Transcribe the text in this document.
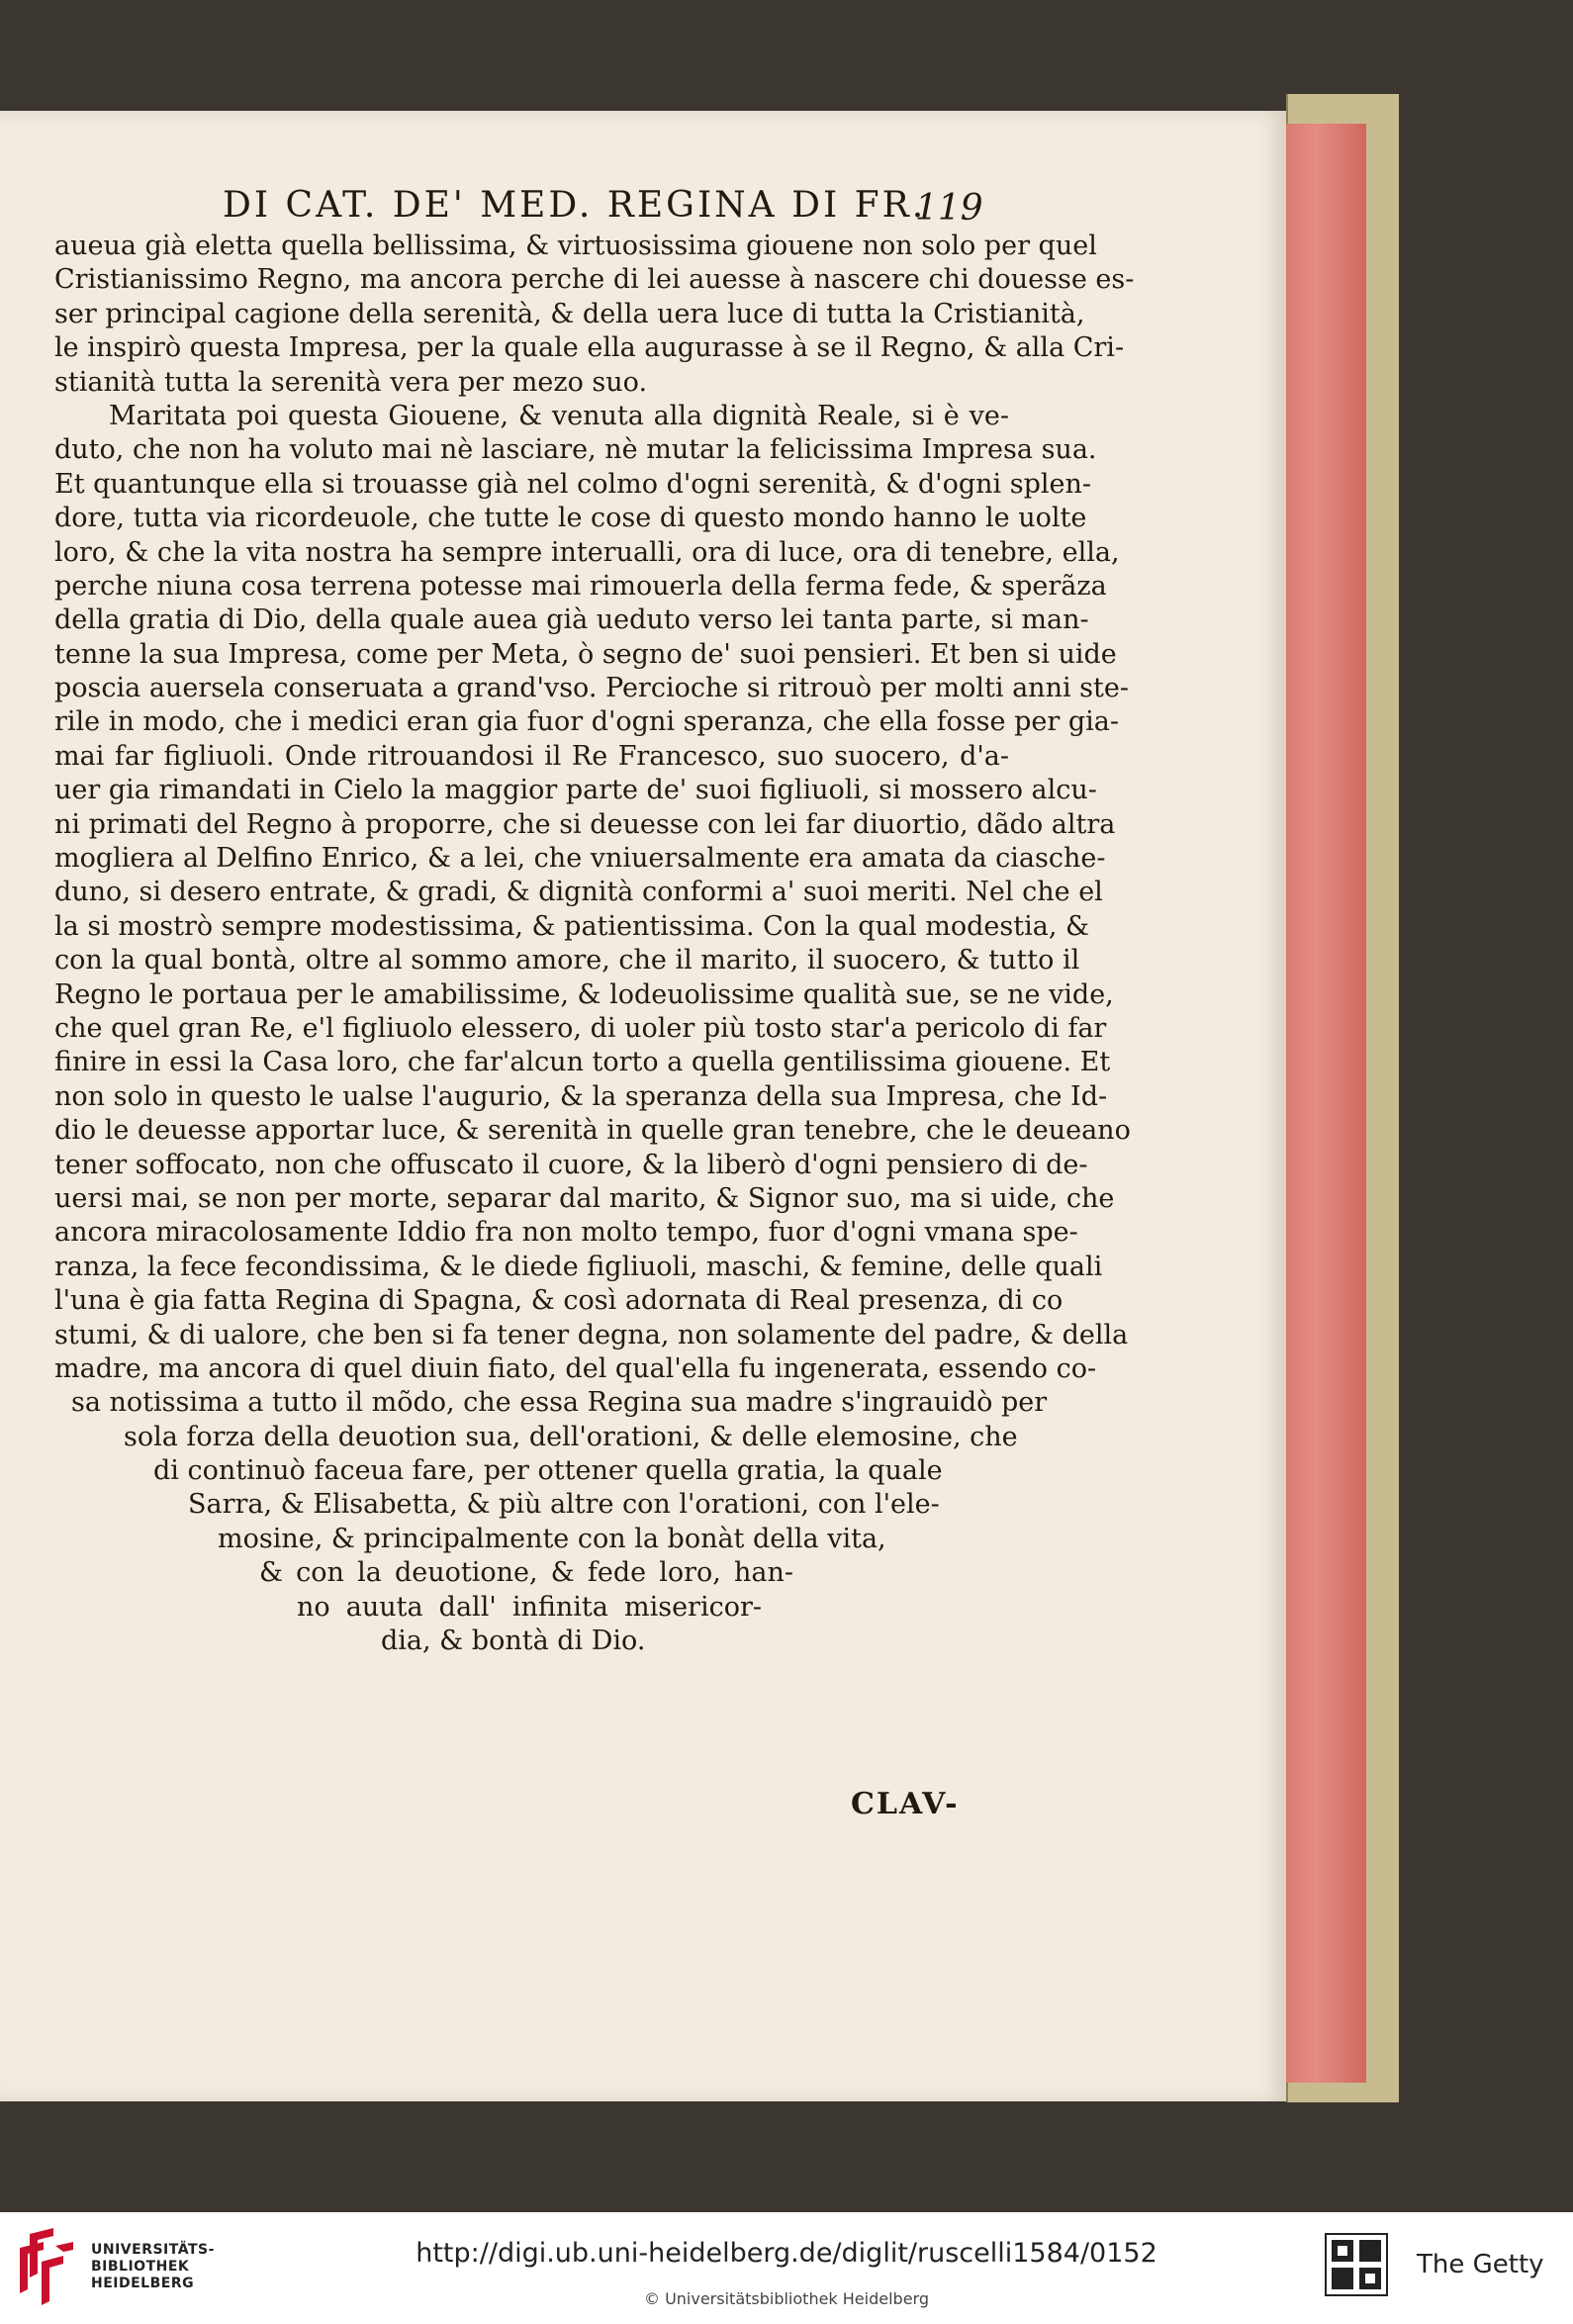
DI CAT. DE' MED. REGINA DI FR.
119
aueua già eletta quella bellissima, & virtuosissima giouene non solo per quel
Cristianissimo Regno, ma ancora perche di lei auesse à nascere chi douesse es-
ser principal cagione della serenità, & della uera luce di tutta la Cristianità,
le inspirò questa Impresa, per la quale ella augurasse à se il Regno, & alla Cri-
stianità tutta la serenità vera per mezo suo.
Maritata poi questa Giouene, & venuta alla dignità Reale, si è ve-
duto, che non ha voluto mai nè lasciare, nè mutar la felicissima Impresa sua.
Et quantunque ella si trouasse già nel colmo d'ogni serenità, & d'ogni splen-
dore, tutta via ricordeuole, che tutte le cose di questo mondo hanno le uolte
loro, & che la vita nostra ha sempre interualli, ora di luce, ora di tenebre, ella,
perche niuna cosa terrena potesse mai rimouerla della ferma fede, & sperãza
della gratia di Dio, della quale auea già ueduto verso lei tanta parte, si man-
tenne la sua Impresa, come per Meta, ò segno de' suoi pensieri. Et ben si uide
poscia auersela conseruata a grand'vso. Percioche si ritrouò per molti anni ste-
rile in modo, che i medici eran gia fuor d'ogni speranza, che ella fosse per gia-
mai far figliuoli. Onde ritrouandosi il Re Francesco, suo suocero, d'a-
uer gia rimandati in Cielo la maggior parte de' suoi figliuoli, si mossero alcu-
ni primati del Regno à proporre, che si deuesse con lei far diuortio, dãdo altra
mogliera al Delfino Enrico, & a lei, che vniuersalmente era amata da ciasche-
duno, si desero entrate, & gradi, & dignità conformi a' suoi meriti. Nel che el
la si mostrò sempre modestissima, & patientissima. Con la qual modestia, &
con la qual bontà, oltre al sommo amore, che il marito, il suocero, & tutto il
Regno le portaua per le amabilissime, & lodeuolissime qualità sue, se ne vide,
che quel gran Re, e'l figliuolo elessero, di uoler più tosto star'a pericolo di far
finire in essi la Casa loro, che far'alcun torto a quella gentilissima giouene. Et
non solo in questo le ualse l'augurio, & la speranza della sua Impresa, che Id-
dio le deuesse apportar luce, & serenità in quelle gran tenebre, che le deueano
tener soffocato, non che offuscato il cuore, & la liberò d'ogni pensiero di de-
uersi mai, se non per morte, separar dal marito, & Signor suo, ma si uide, che
ancora miracolosamente Iddio fra non molto tempo, fuor d'ogni vmana spe-
ranza, la fece fecondissima, & le diede figliuoli, maschi, & femine, delle quali
l'una è gia fatta Regina di Spagna, & così adornata di Real presenza, di co
stumi, & di ualore, che ben si fa tener degna, non solamente del padre, & della
madre, ma ancora di quel diuin fiato, del qual'ella fu ingenerata, essendo co-
sa notissima a tutto il mõdo, che essa Regina sua madre s'ingrauidò per
sola forza della deuotion sua, dell'orationi, & delle elemosine, che
di continuò faceua fare, per ottener quella gratia, la quale
Sarra, & Elisabetta, & più altre con l'orationi, con l'ele-
mosine, & principalmente con la bonàt della vita,
& con la deuotione, & fede loro, han-
no auuta dall' infinita misericor-
dia, & bontà di Dio.
CLAV-
UNIVERSITÄTS-
BIBLIOTHEK
HEIDELBERG
http://digi.ub.uni-heidelberg.de/diglit/ruscelli1584/0152
© Universitätsbibliothek Heidelberg
The Getty
